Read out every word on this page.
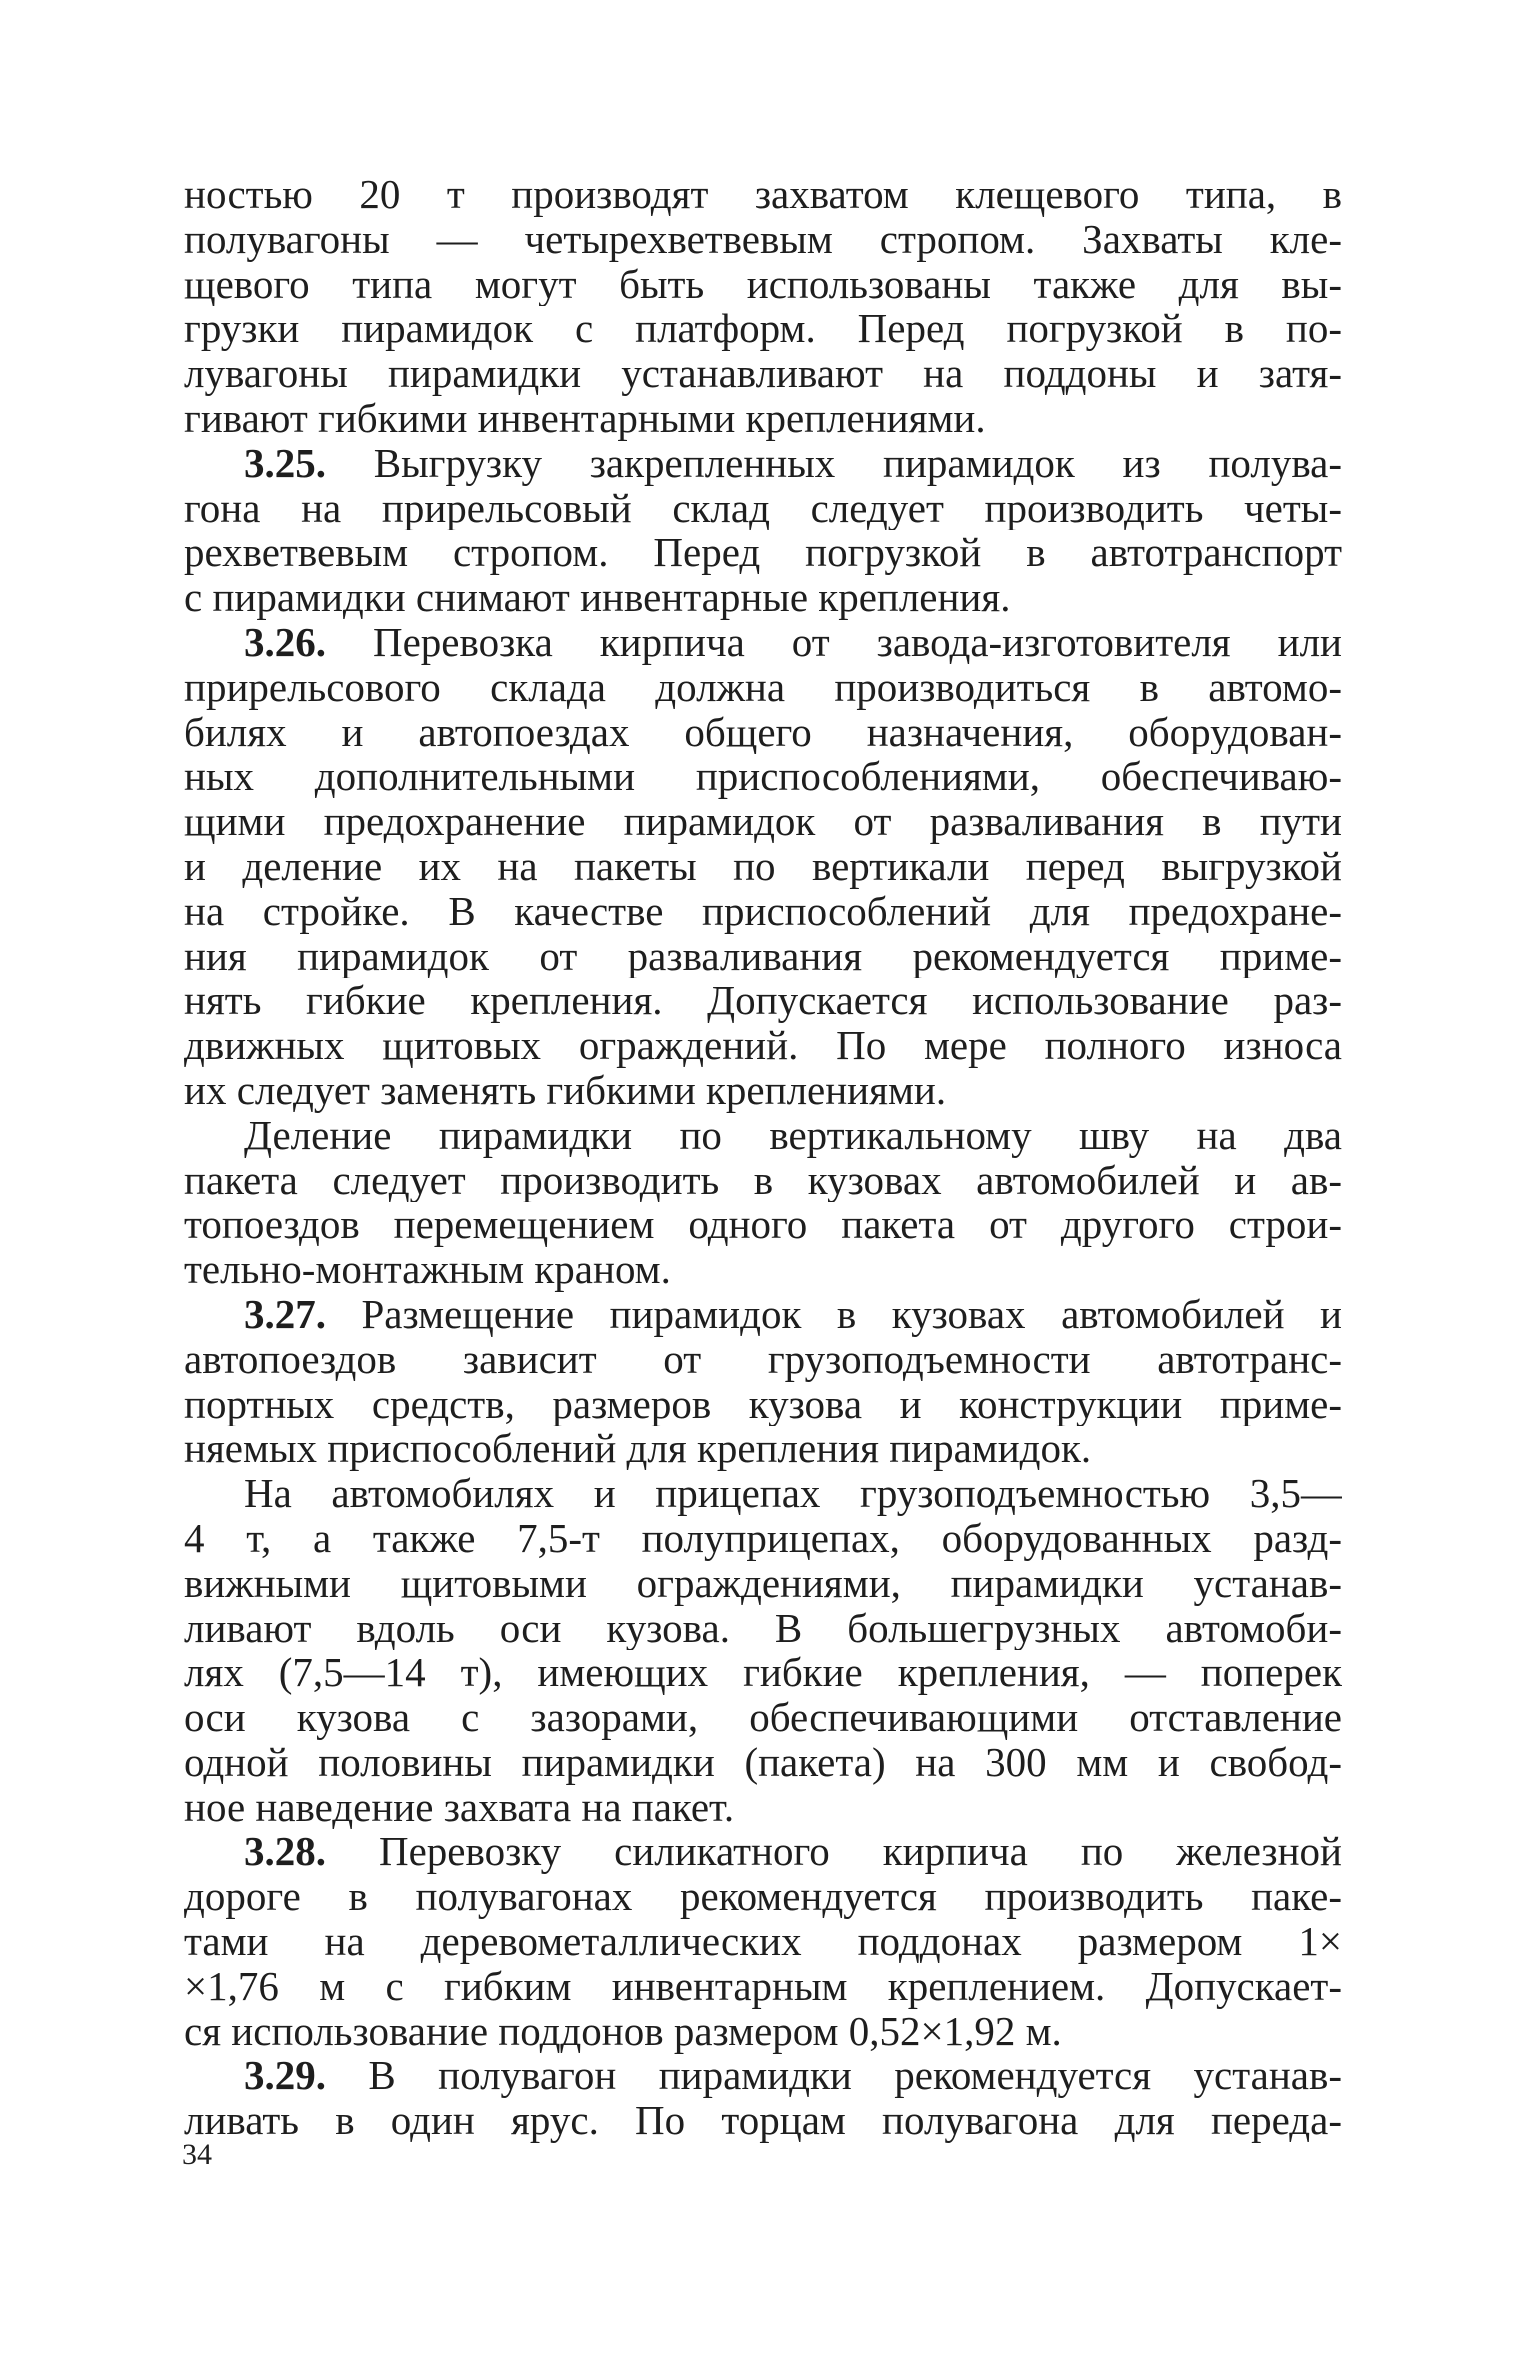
ностью 20 т производят захватом клещевого типа, в
полувагоны — четырехветвевым стропом. Захваты кле-
щевого типа могут быть использованы также для вы-
грузки пирамидок с платформ. Перед погрузкой в по-
лувагоны пирамидки устанавливают на поддоны и затя-
гивают гибкими инвентарными креплениями.
3.25. Выгрузку закрепленных пирамидок из полува-
гона на прирельсовый склад следует производить четы-
рехветвевым стропом. Перед погрузкой в автотранспорт
с пирамидки снимают инвентарные крепления.
3.26. Перевозка кирпича от завода-изготовителя или
прирельсового склада должна производиться в автомо-
билях и автопоездах общего назначения, оборудован-
ных дополнительными приспособлениями, обеспечиваю-
щими предохранение пирамидок от разваливания в пути
и деление их на пакеты по вертикали перед выгрузкой
на стройке. В качестве приспособлений для предохране-
ния пирамидок от разваливания рекомендуется приме-
нять гибкие крепления. Допускается использование раз-
движных щитовых ограждений. По мере полного износа
их следует заменять гибкими креплениями.
Деление пирамидки по вертикальному шву на два
пакета следует производить в кузовах автомобилей и ав-
топоездов перемещением одного пакета от другого строи-
тельно-монтажным краном.
3.27. Размещение пирамидок в кузовах автомобилей и
автопоездов зависит от грузоподъемности автотранс-
портных средств, размеров кузова и конструкции приме-
няемых приспособлений для крепления пирамидок.
На автомобилях и прицепах грузоподъемностью 3,5—
4 т, а также 7,5-т полуприцепах, оборудованных разд-
вижными щитовыми ограждениями, пирамидки устанав-
ливают вдоль оси кузова. В большегрузных автомоби-
лях (7,5—14 т), имеющих гибкие крепления, — поперек
оси кузова с зазорами, обеспечивающими отставление
одной половины пирамидки (пакета) на 300 мм и свобод-
ное наведение захвата на пакет.
3.28. Перевозку силикатного кирпича по железной
дороге в полувагонах рекомендуется производить паке-
тами на деревометаллических поддонах размером 1×
×1,76 м с гибким инвентарным креплением. Допускает-
ся использование поддонов размером 0,52×1,92 м.
3.29. В полувагон пирамидки рекомендуется устанав-
ливать в один ярус. По торцам полувагона для переда-
34
